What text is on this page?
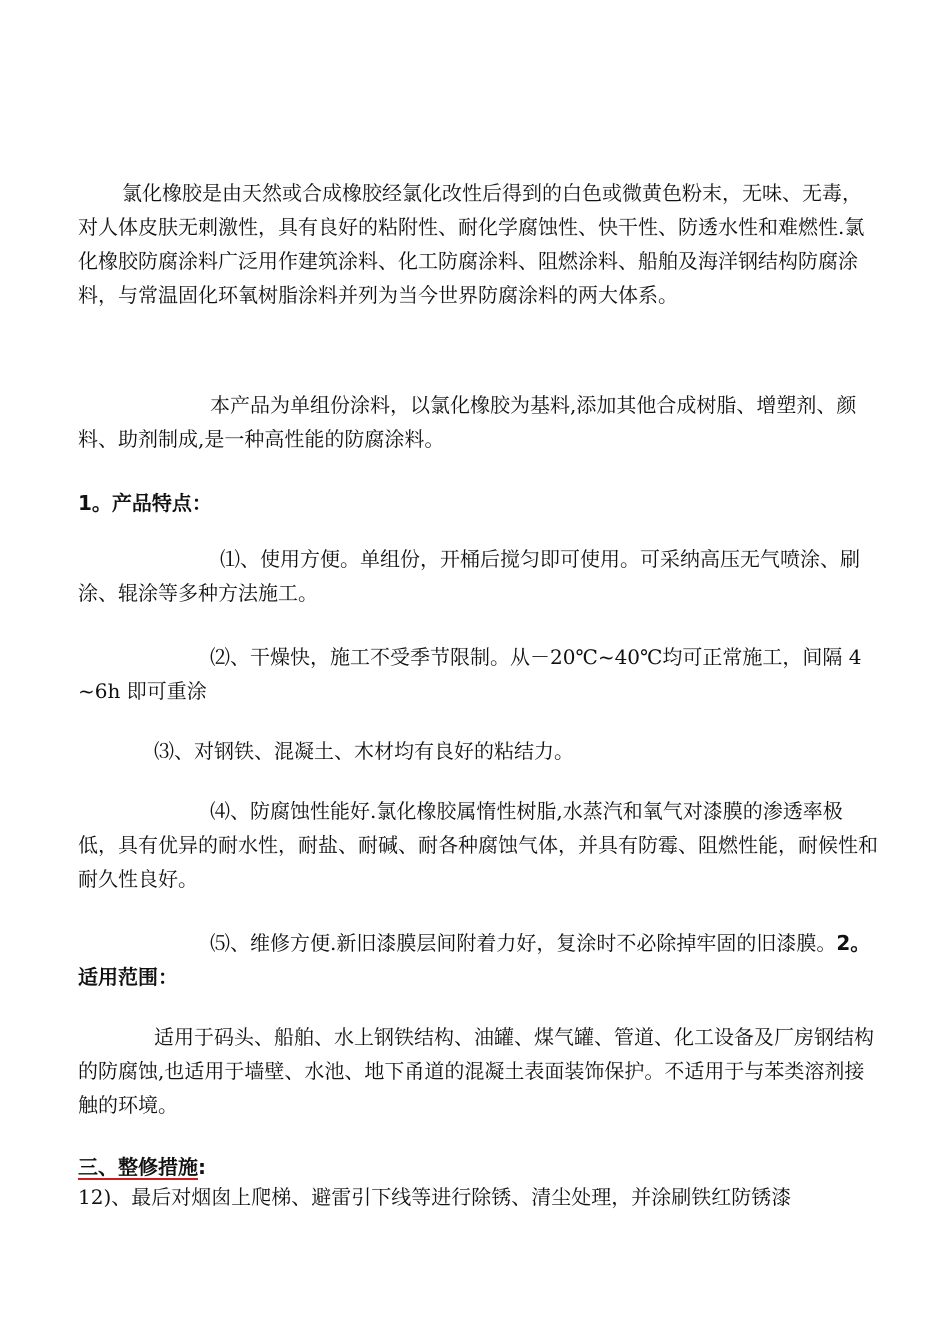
氯化橡胶是由天然或合成橡胶经氯化改性后得到的白色或微黄色粉末，无味、无毒，对人体皮肤无刺激性，具有良好的粘附性、耐化学腐蚀性、快干性、防透水性和难燃性.氯化橡胶防腐涂料广泛用作建筑涂料、化工防腐涂料、阻燃涂料、船舶及海洋钢结构防腐涂料，与常温固化环氧树脂涂料并列为当今世界防腐涂料的两大体系。

本产品为单组份涂料，以氯化橡胶为基料,添加其他合成树脂、增塑剂、颜料、助剂制成,是一种高性能的防腐涂料。

1。产品特点：

⑴、使用方便。单组份，开桶后搅匀即可使用。可采纳高压无气喷涂、刷涂、辊涂等多种方法施工。

⑵、干燥快，施工不受季节限制。从－20℃~40℃均可正常施工，间隔 4~6h 即可重涂

⑶、对钢铁、混凝土、木材均有良好的粘结力。

⑷、防腐蚀性能好.氯化橡胶属惰性树脂,水蒸汽和氧气对漆膜的渗透率极低，具有优异的耐水性，耐盐、耐碱、耐各种腐蚀气体，并具有防霉、阻燃性能，耐候性和耐久性良好。

⑸、维修方便.新旧漆膜层间附着力好，复涂时不必除掉牢固的旧漆膜。2。适用范围：

适用于码头、船舶、水上钢铁结构、油罐、煤气罐、管道、化工设备及厂房钢结构的防腐蚀,也适用于墙壁、水池、地下甬道的混凝土表面装饰保护。不适用于与苯类溶剂接触的环境。

三、整修措施:

12)、最后对烟囱上爬梯、避雷引下线等进行除锈、清尘处理，并涂刷铁红防锈漆
